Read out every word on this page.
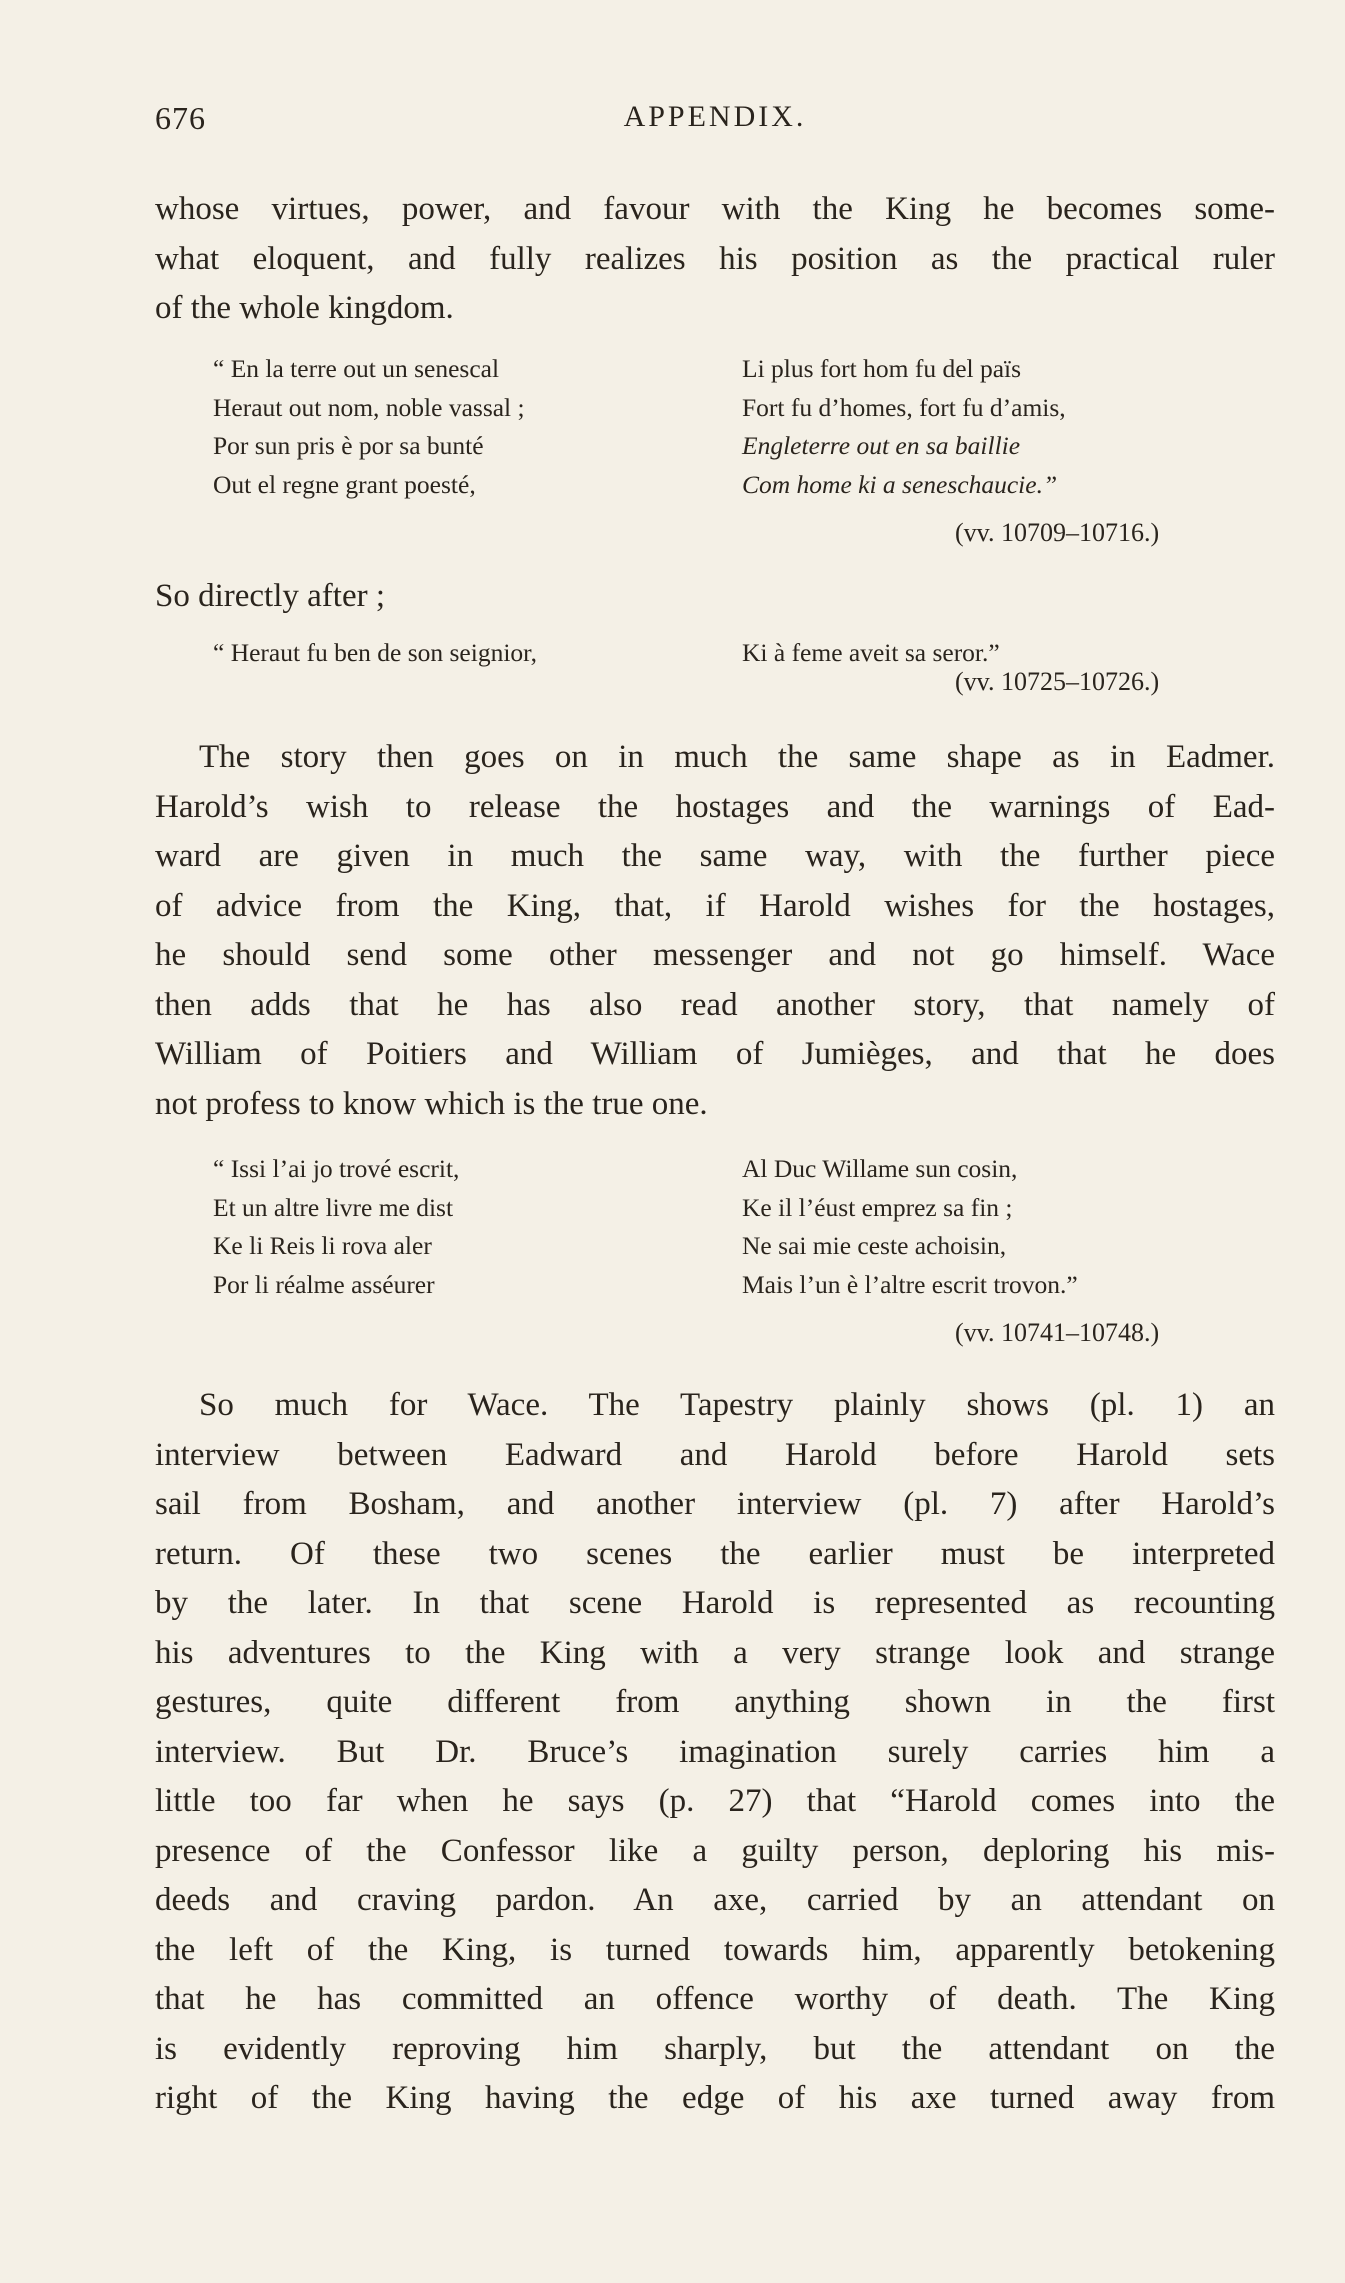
676	APPENDIX.
whose virtues, power, and favour with the King he becomes some-
what eloquent, and fully realizes his position as the practical ruler
of the whole kingdom.
“ En la terre out un senescal
Heraut out nom, noble vassal ;
Por sun pris è por sa bunté
Out el regne grant poesté,
Li plus fort hom fu del païs
Fort fu d’homes, fort fu d’amis,
Engleterre out en sa baillie
Com home ki a seneschaucie.”
(vv. 10709–10716.)
So directly after ;
“ Heraut fu ben de son seignior,	Ki à feme aveit sa seror.”
(vv. 10725–10726.)
The story then goes on in much the same shape as in Eadmer.
Harold’s wish to release the hostages and the warnings of Ead-
ward are given in much the same way, with the further piece
of advice from the King, that, if Harold wishes for the hostages,
he should send some other messenger and not go himself. Wace
then adds that he has also read another story, that namely of
William of Poitiers and William of Jumièges, and that he does
not profess to know which is the true one.
“ Issi l’ai jo trové escrit,
Et un altre livre me dist
Ke li Reis li rova aler
Por li réalme asséurer
Al Duc Willame sun cosin,
Ke il l’éust emprez sa fin ;
Ne sai mie ceste achoisin,
Mais l’un è l’altre escrit trovon.”
(vv. 10741–10748.)
So much for Wace. The Tapestry plainly shows (pl. 1) an
interview between Eadward and Harold before Harold sets
sail from Bosham, and another interview (pl. 7) after Harold’s
return. Of these two scenes the earlier must be interpreted
by the later. In that scene Harold is represented as recounting
his adventures to the King with a very strange look and strange
gestures, quite different from anything shown in the first
interview. But Dr. Bruce’s imagination surely carries him a
little too far when he says (p. 27) that “Harold comes into the
presence of the Confessor like a guilty person, deploring his mis-
deeds and craving pardon. An axe, carried by an attendant on
the left of the King, is turned towards him, apparently betokening
that he has committed an offence worthy of death. The King
is evidently reproving him sharply, but the attendant on the
right of the King having the edge of his axe turned away from
